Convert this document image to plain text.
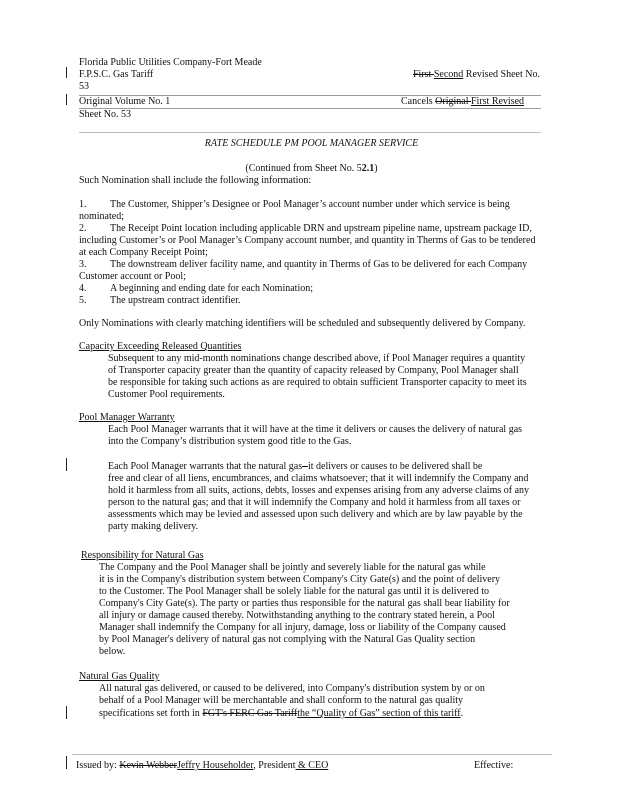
Florida Public Utilities Company-Fort Meade
F.P.S.C. Gas Tariff	First Second Revised Sheet No.
53
Original Volume No. 1	Cancels Original First Revised
Sheet No. 53
RATE SCHEDULE PM POOL MANAGER SERVICE
(Continued from Sheet No. 52.1)
Such Nomination shall include the following information:
1. The Customer, Shipper’s Designee or Pool Manager’s account number under which service is being
nominated;
2. The Receipt Point location including applicable DRN and upstream pipeline name, upstream package ID,
including Customer’s or Pool Manager’s Company account number, and quantity in Therms of Gas to be tendered
at each Company Receipt Point;
3. The downstream deliver facility name, and quantity in Therms of Gas to be delivered for each Company
Customer account or Pool;
4. A beginning and ending date for each Nomination;
5. The upstream contract identifier.
Only Nominations with clearly matching identifiers will be scheduled and subsequently delivered by Company.
Capacity Exceeding Released Quantities
Subsequent to any mid-month nominations change described above, if Pool Manager requires a quantity
of Transporter capacity greater than the quantity of capacity released by Company, Pool Manager shall
be responsible for taking such actions as are required to obtain sufficient Transporter capacity to meet its
Customer Pool requirements.
Pool Manager Warranty
Each Pool Manager warrants that it will have at the time it delivers or causes the delivery of natural gas
into the Company’s distribution system good title to the Gas.
Each Pool Manager warrants that the natural gas -it delivers or causes to be delivered shall be
free and clear of all liens, encumbrances, and claims whatsoever; that it will indemnify the Company and
hold it harmless from all suits, actions, debts, losses and expenses arising from any adverse claims of any
person to the natural gas; and that it will indemnify the Company and hold it harmless from all taxes or
assessments which may be levied and assessed upon such delivery and which are by law payable by the
party making delivery.
Responsibility for Natural Gas
The Company and the Pool Manager shall be jointly and severely liable for the natural gas while
it is in the Company's distribution system between Company's City Gate(s) and the point of delivery
to the Customer. The Pool Manager shall be solely liable for the natural gas until it is delivered to
Company's City Gate(s). The party or parties thus responsible for the natural gas shall bear liability for
all injury or damage caused thereby. Notwithstanding anything to the contrary stated herein, a Pool
Manager shall indemnify the Company for all injury, damage, loss or liability of the Company caused
by Pool Manager's delivery of natural gas not complying with the Natural Gas Quality section
below.
Natural Gas Quality
All natural gas delivered, or caused to be delivered, into Company's distribution system by or on
behalf of a Pool Manager will be merchantable and shall conform to the natural gas quality
specifications set forth in FGT's FERC Gas Tariffthe “Quality of Gas” section of this tariff.
Issued by: Kevin WebberJeffry Householder, President & CEO	Effective:
